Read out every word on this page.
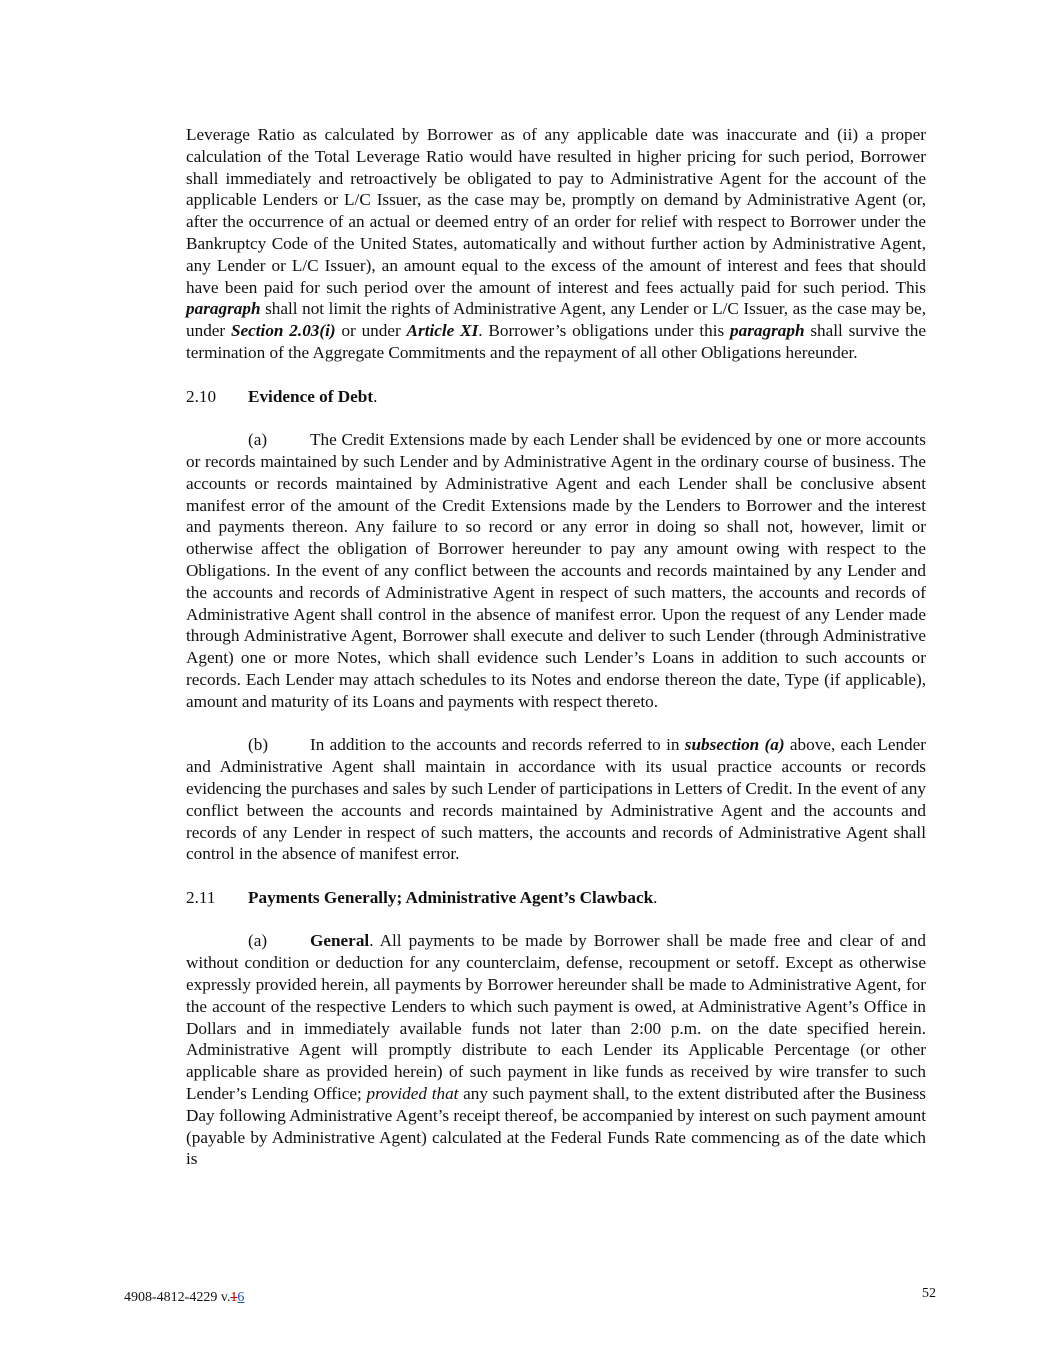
Leverage Ratio as calculated by Borrower as of any applicable date was inaccurate and (ii) a proper calculation of the Total Leverage Ratio would have resulted in higher pricing for such period, Borrower shall immediately and retroactively be obligated to pay to Administrative Agent for the account of the applicable Lenders or L/C Issuer, as the case may be, promptly on demand by Administrative Agent (or, after the occurrence of an actual or deemed entry of an order for relief with respect to Borrower under the Bankruptcy Code of the United States, automatically and without further action by Administrative Agent, any Lender or L/C Issuer), an amount equal to the excess of the amount of interest and fees that should have been paid for such period over the amount of interest and fees actually paid for such period. This paragraph shall not limit the rights of Administrative Agent, any Lender or L/C Issuer, as the case may be, under Section 2.03(i) or under Article XI. Borrower’s obligations under this paragraph shall survive the termination of the Aggregate Commitments and the repayment of all other Obligations hereunder.

2.10 Evidence of Debt.

(a) The Credit Extensions made by each Lender shall be evidenced by one or more accounts or records maintained by such Lender and by Administrative Agent in the ordinary course of business. The accounts or records maintained by Administrative Agent and each Lender shall be conclusive absent manifest error of the amount of the Credit Extensions made by the Lenders to Borrower and the interest and payments thereon. Any failure to so record or any error in doing so shall not, however, limit or otherwise affect the obligation of Borrower hereunder to pay any amount owing with respect to the Obligations. In the event of any conflict between the accounts and records maintained by any Lender and the accounts and records of Administrative Agent in respect of such matters, the accounts and records of Administrative Agent shall control in the absence of manifest error. Upon the request of any Lender made through Administrative Agent, Borrower shall execute and deliver to such Lender (through Administrative Agent) one or more Notes, which shall evidence such Lender’s Loans in addition to such accounts or records. Each Lender may attach schedules to its Notes and endorse thereon the date, Type (if applicable), amount and maturity of its Loans and payments with respect thereto.

(b) In addition to the accounts and records referred to in subsection (a) above, each Lender and Administrative Agent shall maintain in accordance with its usual practice accounts or records evidencing the purchases and sales by such Lender of participations in Letters of Credit. In the event of any conflict between the accounts and records maintained by Administrative Agent and the accounts and records of any Lender in respect of such matters, the accounts and records of Administrative Agent shall control in the absence of manifest error.

2.11 Payments Generally; Administrative Agent’s Clawback.

(a) General. All payments to be made by Borrower shall be made free and clear of and without condition or deduction for any counterclaim, defense, recoupment or setoff. Except as otherwise expressly provided herein, all payments by Borrower hereunder shall be made to Administrative Agent, for the account of the respective Lenders to which such payment is owed, at Administrative Agent’s Office in Dollars and in immediately available funds not later than 2:00 p.m. on the date specified herein. Administrative Agent will promptly distribute to each Lender its Applicable Percentage (or other applicable share as provided herein) of such payment in like funds as received by wire transfer to such Lender’s Lending Office; provided that any such payment shall, to the extent distributed after the Business Day following Administrative Agent’s receipt thereof, be accompanied by interest on such payment amount (payable by Administrative Agent) calculated at the Federal Funds Rate commencing as of the date which is

4908-4812-4229 v.16	52
